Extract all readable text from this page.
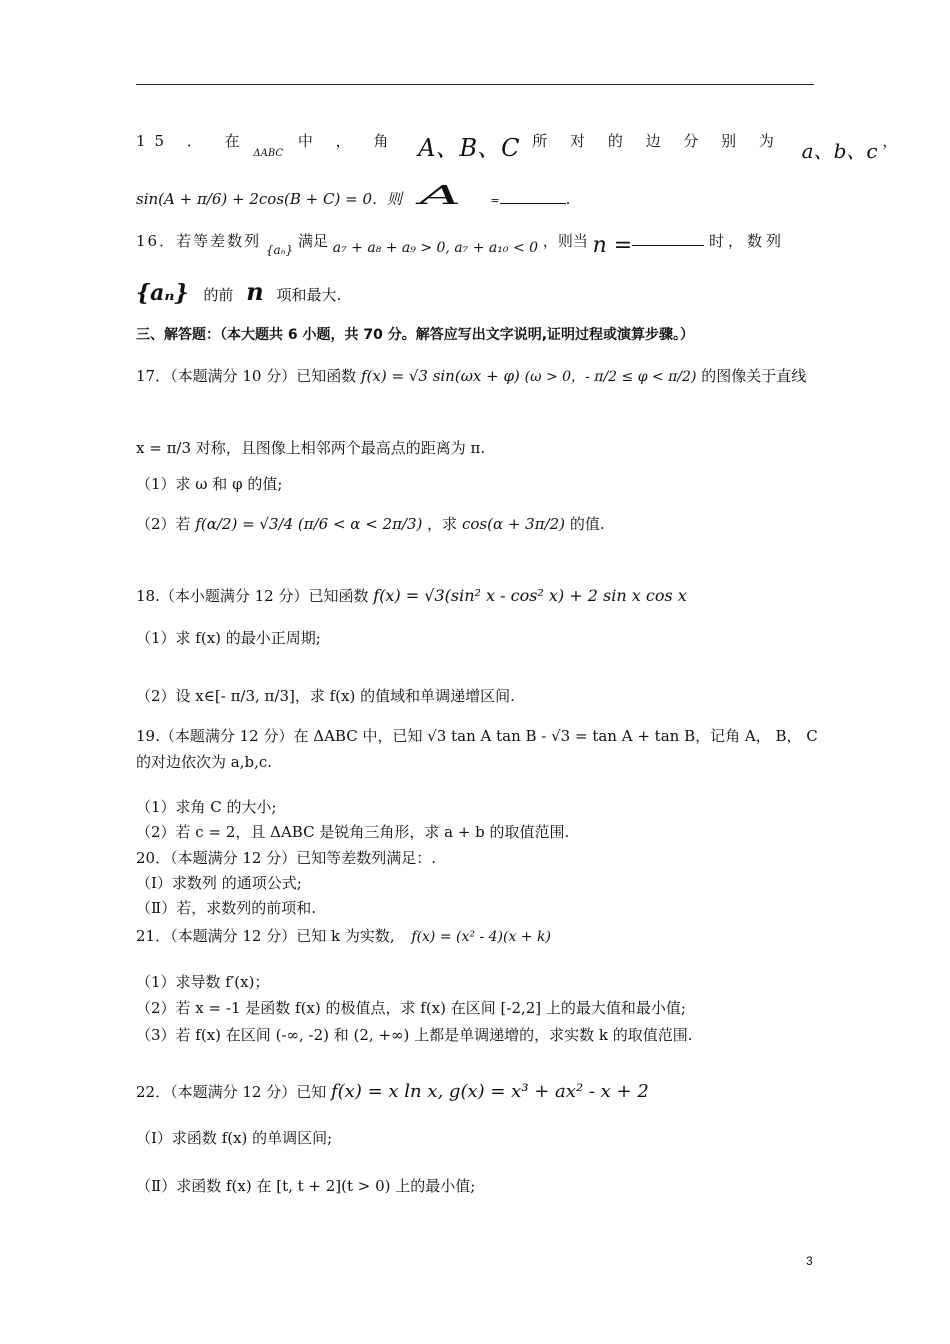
15 ． 在 $_{\Delta ABC}$ 中 ， 角 A、B、C 所 对 的 边 分 别 为 a、b、c ，
sin(A + π/6) + 2cos(B + C) = 0．则 A	=	.
16．若等差数列 $_{\{a_n\}}$ 满足 a₇ + a₈ + a₉ > 0, a₇ + a₁₀ < 0 ，则当 n =	时，数列
{aₙ} 的前 n 项和最大.
三、解答题：（本大题共 6 小题，共 70 分。解答应写出文字说明,证明过程或演算步骤。）
17．（本题满分 10 分）已知函数 f(x) = √3 sin(ωx + φ) (ω > 0，- π/2 ≤ φ < π/2) 的图像关于直线
x = π/3 对称，且图像上相邻两个最高点的距离为 π.
（1）求 ω 和 φ 的值;
（2）若 f(α/2) = √3/4 (π/6 < α < 2π/3) ，求 cos(α + 3π/2) 的值.
18.（本小题满分 12 分）已知函数 f(x) = √3(sin² x - cos² x) + 2 sin x cos x
（1）求 f(x) 的最小正周期;
（2）设 x∈[- π/3, π/3]，求 f(x) 的值域和单调递增区间.
19.（本题满分 12 分）在 ΔABC 中，已知 √3 tan A tan B - √3 = tan A + tan B，记角 A， B， C
的对边依次为 a,b,c.
（1）求角 C 的大小;
（2）若 c = 2，且 ΔABC 是锐角三角形，求 a + b 的取值范围.
20．（本题满分 12 分）已知等差数列满足：.
（Ⅰ）求数列 的通项公式;
（Ⅱ）若，求数列的前项和.
21．（本题满分 12 分）已知 k 为实数, f(x) = (x² - 4)(x + k)
（1）求导数 f′(x)；
（2）若 x = -1 是函数 f(x) 的极值点，求 f(x) 在区间 [-2,2] 上的最大值和最小值;
（3）若 f(x) 在区间 (-∞, -2) 和 (2, +∞) 上都是单调递增的，求实数 k 的取值范围.
22．（本题满分 12 分）已知 f(x) = x ln x, g(x) = x³ + ax² - x + 2
（Ⅰ）求函数 f(x) 的单调区间;
（Ⅱ）求函数 f(x) 在 [t, t + 2](t > 0) 上的最小值;
3
